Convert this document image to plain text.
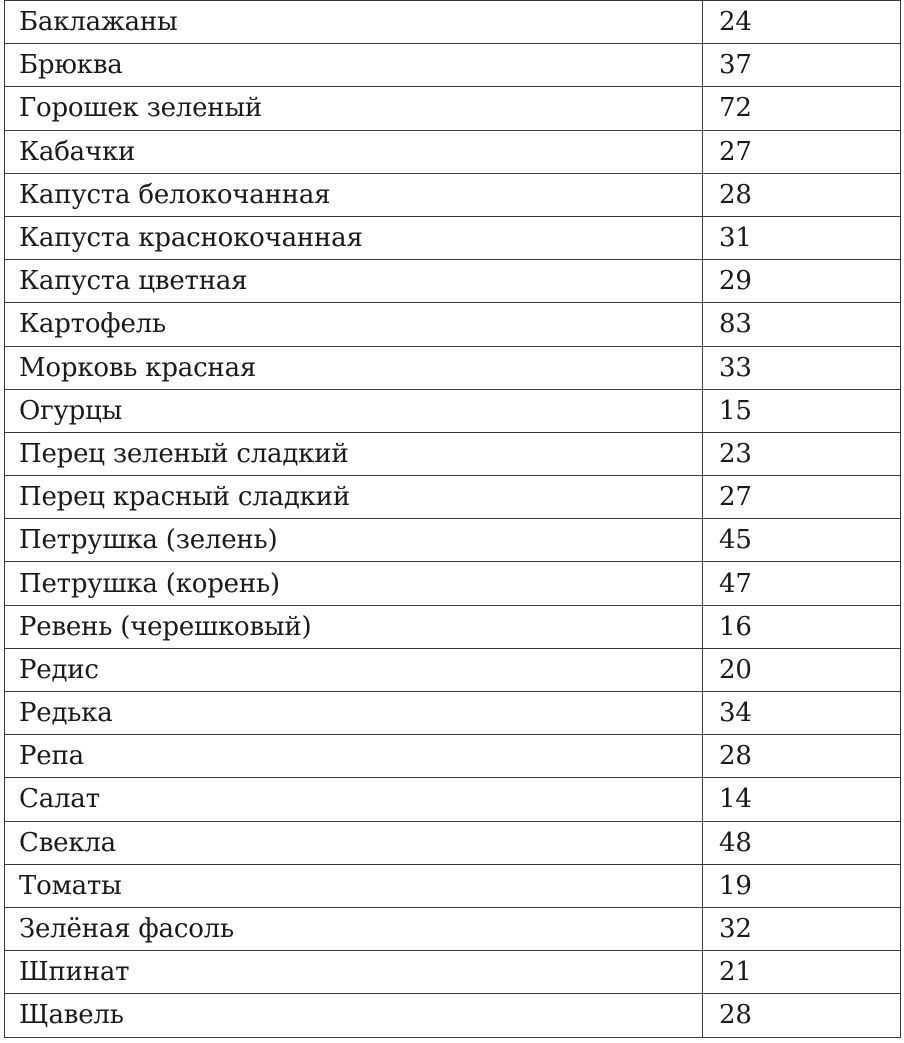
Баклажаны	24
Брюква	37
Горошек зеленый	72
Кабачки	27
Капуста белокочанная	28
Капуста краснокочанная	31
Капуста цветная	29
Картофель	83
Морковь красная	33
Огурцы	15
Перец зеленый сладкий	23
Перец красный сладкий	27
Петрушка (зелень)	45
Петрушка (корень)	47
Ревень (черешковый)	16
Редис	20
Редька	34
Репа	28
Салат	14
Свекла	48
Томаты	19
Зелёная фасоль	32
Шпинат	21
Щавель	28
